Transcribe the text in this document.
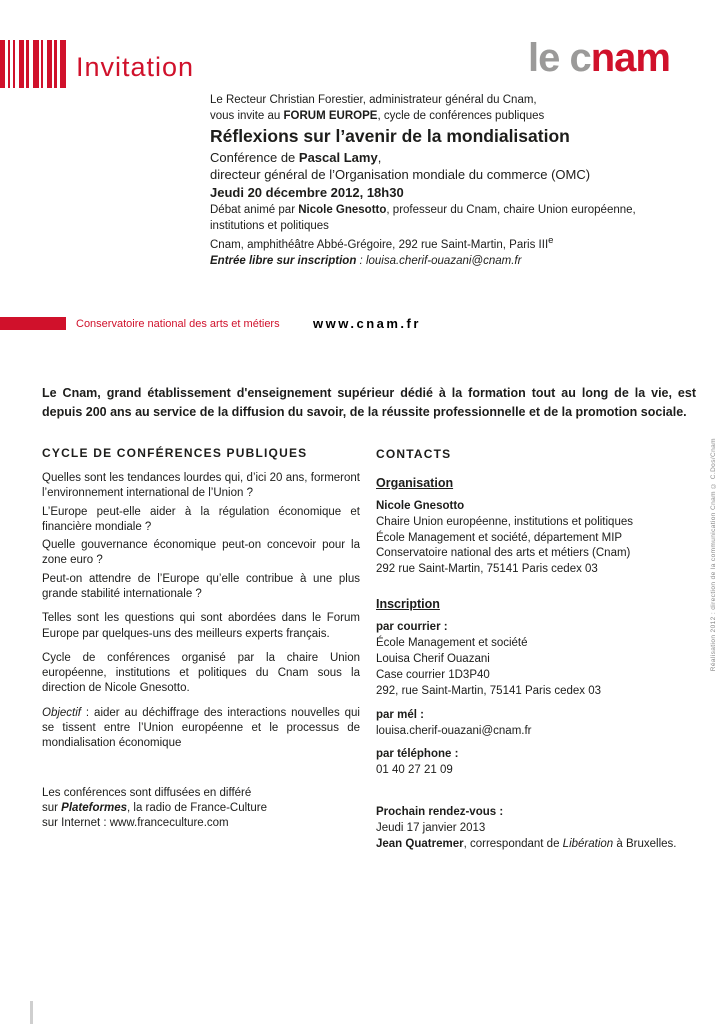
Invitation	le cnam

Le Recteur Christian Forestier, administrateur général du Cnam,

vous invite au FORUM EUROPE, cycle de conférences publiques

Réflexions sur l’avenir de la mondialisation

Conférence de Pascal Lamy,

directeur général de l’Organisation mondiale du commerce (OMC)

Jeudi 20 décembre 2012, 18h30

Débat animé par Nicole Gnesotto, professeur du Cnam, chaire Union européenne,
institutions et politiques

Cnam, amphithéâtre Abbé-Grégoire, 292 rue Saint-Martin, Paris IIIe

Entrée libre sur inscription : louisa.cherif-ouazani@cnam.fr

Conservatoire national des arts et métiers	www.cnam.fr

Le Cnam, grand établissement d'enseignement supérieur dédié à la formation tout au long de la vie, est depuis 200 ans au service de la diffusion du savoir, de la réussite professionnelle et de la promotion sociale.

CYCLE DE CONFÉRENCES PUBLIQUES

Quelles sont les tendances lourdes qui, d’ici 20 ans, formeront l’environnement international de l’Union ?

L’Europe peut-elle aider à la régulation économique et financière mondiale ?

Quelle gouvernance économique peut-on concevoir pour la zone euro ?

Peut-on attendre de l’Europe qu’elle contribue à une plus grande stabilité internationale ?

Telles sont les questions qui sont abordées dans le Forum Europe par quelques-uns des meilleurs experts français.

Cycle de conférences organisé par la chaire Union européenne, institutions et politiques du Cnam sous la direction de Nicole Gnesotto.

Objectif : aider au déchiffrage des interactions nouvelles qui se tissent entre l’Union européenne et le processus de mondialisation économique

Les conférences sont diffusées en différé
sur Plateformes, la radio de France-Culture
sur Internet : www.franceculture.com

CONTACTS
Organisation
Nicole Gnesotto
Chaire Union européenne, institutions et politiques
École Management et société, département MIP
Conservatoire national des arts et métiers (Cnam)
292 rue Saint-Martin, 75141 Paris cedex 03
Inscription
par courrier :
École Management et société
Louisa Cherif Ouazani
Case courrier 1D3P40
292, rue Saint-Martin, 75141 Paris cedex 03
par mél :
louisa.cherif-ouazani@cnam.fr
par téléphone :
01 40 27 21 09
Prochain rendez-vous :
Jeudi 17 janvier 2013
Jean Quatremer, correspondant de Libération à Bruxelles.
Réalisation 2012 : direction de la communication Cnam © C.Dos/Cnam
